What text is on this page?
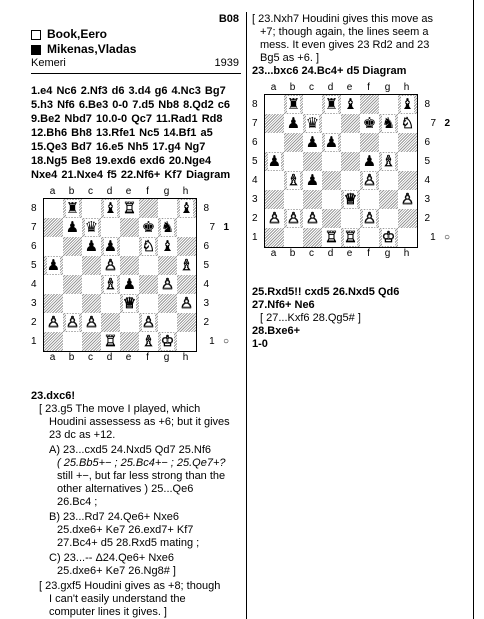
B08
Book,Eero
Mikenas,Vladas
Kemeri	1939

1.e4 Nc6 2.Nf3 d6 3.d4 g6 4.Nc3 Bg7 5.h3 Nf6 6.Be3 0-0 7.d5 Nb8 8.Qd2 c6 9.Be2 Nbd7 10.0-0 Qc7 11.Rad1 Rd8 12.Bh6 Bh8 13.Rfe1 Nc5 14.Bf1 a5 15.Qe3 Bd7 16.e5 Nh5 17.g4 Ng7 18.Ng5 Be8 19.exd6 exd6 20.Nge4 Nxe4 21.Nxe4 f5 22.Nf6+ Kf7 Diagram

a	b	c	d	e	f	g	h
8
7
6
5
4
3
2
1
♜ ♝ ♖	♝
♟ ♛	♚ ♞
♟ ♟ ♘ ♝
♟	♙	♗
♗ ♟ ♙
♕	♙
♙ ♙ ♙	♙
♖ ♗ ♔
8
7   1
6
5
4
3
2
1   ○
a	b	c	d	e	f	g	h

23.dxc6!

[ 23.g5 The move I played, which

Houdini assessess as +6; but it gives

23 dc as +12.

A) 23...cxd5 24.Nxd5 Qd7 25.Nf6

( 25.Bb5+− ; 25.Bc4+− ; 25.Qe7+?

still +−, but far less strong than the

other alternatives ) 25...Qe6

26.Bc4 ;

B) 23...Rd7 24.Qe6+ Nxe6

25.dxe6+ Ke7 26.exd7+ Kf7

27.Bc4+ d5 28.Rxd5 mating ;

C) 23...-- Δ24.Qe6+ Nxe6

25.dxe6+ Ke7 26.Ng8# ]

[ 23.gxf5 Houdini gives as +8; though

I can't easily understand the

computer lines it gives. ]

[ 23.Nxh7 Houdini gives this move as

+7; though again, the lines seem a

mess. It even gives 23 Rd2 and 23

Bg5 as +6. ]

23...bxc6 24.Bc4+ d5 Diagram

a	b	c	d	e	f	g	h
8
7
6
5
4
3
2
1
♜ ♜ ♝	♝
♟ ♛	♚ ♞ ♘
♟ ♟
♟	♟ ♗
♗ ♟	♙
♕	♙
♙ ♙ ♙	♙
♖ ♖ ♔
8
7   2
6
5
4
3
2
1   ○
a	b	c	d	e	f	g	h

25.Rxd5!! cxd5 26.Nxd5 Qd6

27.Nf6+ Ne6

[ 27...Kxf6 28.Qg5# ]

28.Bxe6+

1-0
